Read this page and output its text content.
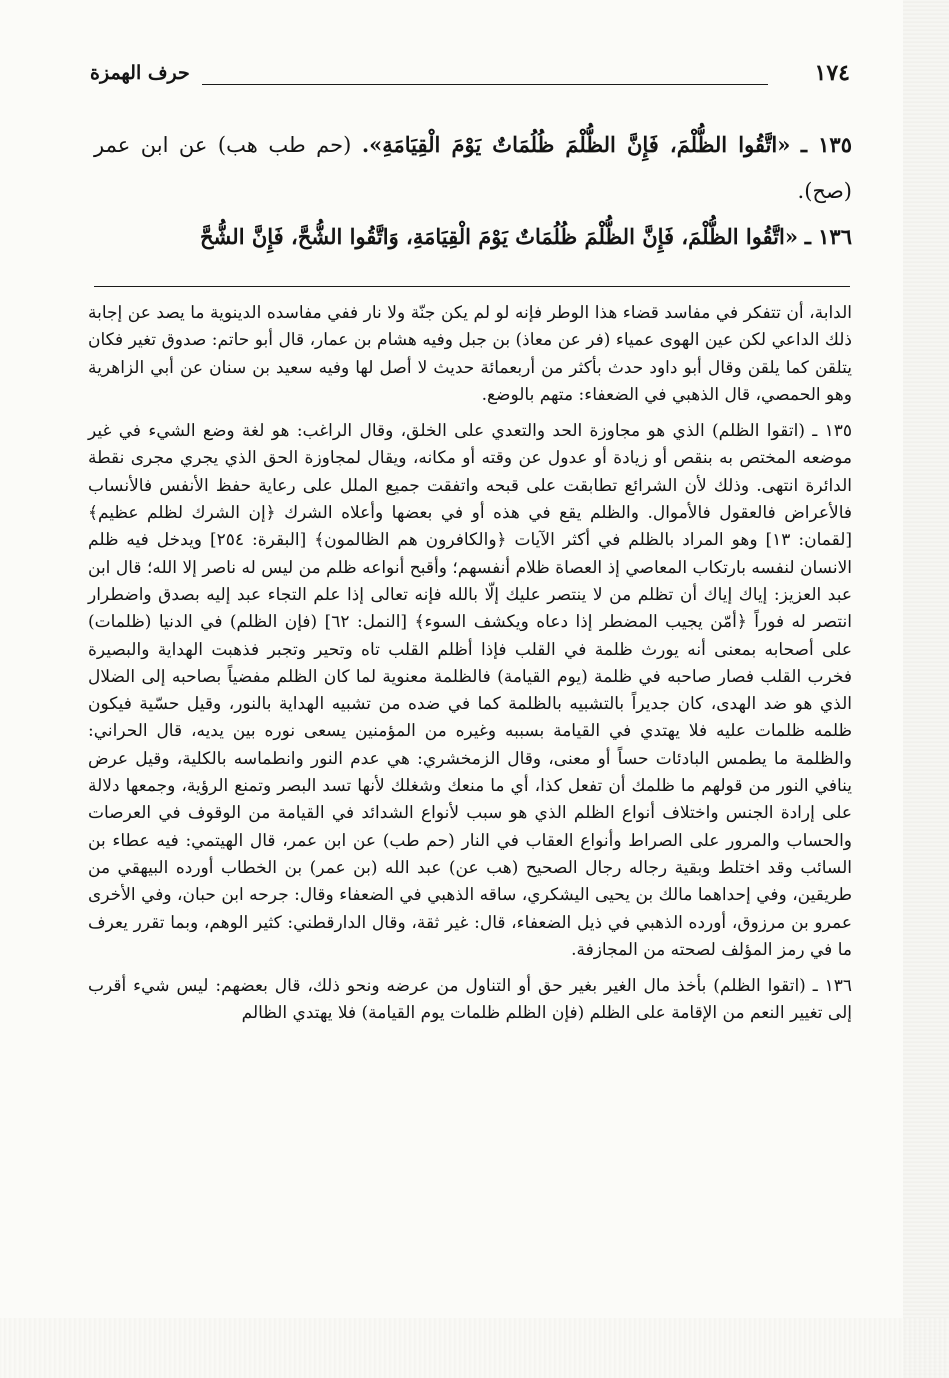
حرف الهمزة	١٧٤

١٣٥ ـ «اتَّقُوا الظُّلْمَ، فَإِنَّ الظُّلْمَ ظُلُمَاتٌ يَوْمَ الْقِيَامَةِ». (حم طب هب) عن ابن عمر (صح).

١٣٦ ـ «اتَّقُوا الظُّلْمَ، فَإِنَّ الظُّلْمَ ظُلُمَاتٌ يَوْمَ الْقِيَامَةِ، وَاتَّقُوا الشُّحَّ، فَإِنَّ الشُّحَّ

الدابة، أن تتفكر في مفاسد قضاء هذا الوطر فإنه لو لم يكن جنّة ولا نار ففي مفاسده الدينوية ما يصد عن إجابة ذلك الداعي لكن عين الهوى عمياء (فر عن معاذ) بن جبل وفيه هشام بن عمار، قال أبو حاتم: صدوق تغير فكان يتلقن كما يلقن وقال أبو داود حدث بأكثر من أربعمائة حديث لا أصل لها وفيه سعيد بن سنان عن أبي الزاهرية وهو الحمصي، قال الذهبي في الضعفاء: متهم بالوضع.

١٣٥ ـ (اتقوا الظلم) الذي هو مجاوزة الحد والتعدي على الخلق، وقال الراغب: هو لغة وضع الشيء في غير موضعه المختص به بنقص أو زيادة أو عدول عن وقته أو مكانه، ويقال لمجاوزة الحق الذي يجري مجرى نقطة الدائرة انتهى. وذلك لأن الشرائع تطابقت على قبحه واتفقت جميع الملل على رعاية حفظ الأنفس فالأنساب فالأعراض فالعقول فالأموال. والظلم يقع في هذه أو في بعضها وأعلاه الشرك ﴿إن الشرك لظلم عظيم﴾ [لقمان: ١٣] وهو المراد بالظلم في أكثر الآيات ﴿والكافرون هم الظالمون﴾ [البقرة: ٢٥٤] ويدخل فيه ظلم الانسان لنفسه بارتكاب المعاصي إذ العصاة ظلام أنفسهم؛ وأقبح أنواعه ظلم من ليس له ناصر إلا الله؛ قال ابن عبد العزيز: إياك إياك أن تظلم من لا ينتصر عليك إلّا بالله فإنه تعالى إذا علم التجاء عبد إليه بصدق واضطرار انتصر له فوراً ﴿أمّن يجيب المضطر إذا دعاه ويكشف السوء﴾ [النمل: ٦٢] (فإن الظلم) في الدنيا (ظلمات) على أصحابه بمعنى أنه يورث ظلمة في القلب فإذا أظلم القلب تاه وتحير وتجبر فذهبت الهداية والبصيرة فخرب القلب فصار صاحبه في ظلمة (يوم القيامة) فالظلمة معنوية لما كان الظلم مفضياً بصاحبه إلى الضلال الذي هو ضد الهدى، كان جديراً بالتشبيه بالظلمة كما في ضده من تشبيه الهداية بالنور، وقيل حسّية فيكون ظلمه ظلمات عليه فلا يهتدي في القيامة بسببه وغيره من المؤمنين يسعى نوره بين يديه، قال الحراني: والظلمة ما يطمس البادئات حساً أو معنى، وقال الزمخشري: هي عدم النور وانطماسه بالكلية، وقيل عرض ينافي النور من قولهم ما ظلمك أن تفعل كذا، أي ما منعك وشغلك لأنها تسد البصر وتمنع الرؤية، وجمعها دلالة على إرادة الجنس واختلاف أنواع الظلم الذي هو سبب لأنواع الشدائد في القيامة من الوقوف في العرصات والحساب والمرور على الصراط وأنواع العقاب في النار (حم طب) عن ابن عمر، قال الهيتمي: فيه عطاء بن السائب وقد اختلط وبقية رجاله رجال الصحيح (هب عن) عبد الله (بن عمر) بن الخطاب أورده البيهقي من طريقين، وفي إحداهما مالك بن يحيى اليشكري، ساقه الذهبي في الضعفاء وقال: جرحه ابن حبان، وفي الأخرى عمرو بن مرزوق، أورده الذهبي في ذيل الضعفاء، قال: غير ثقة، وقال الدارقطني: كثير الوهم، وبما تقرر يعرف ما في رمز المؤلف لصحته من المجازفة.

١٣٦ ـ (اتقوا الظلم) بأخذ مال الغير بغير حق أو التناول من عرضه ونحو ذلك، قال بعضهم: ليس شيء أقرب إلى تغيير النعم من الإقامة على الظلم (فإن الظلم ظلمات يوم القيامة) فلا يهتدي الظالم
